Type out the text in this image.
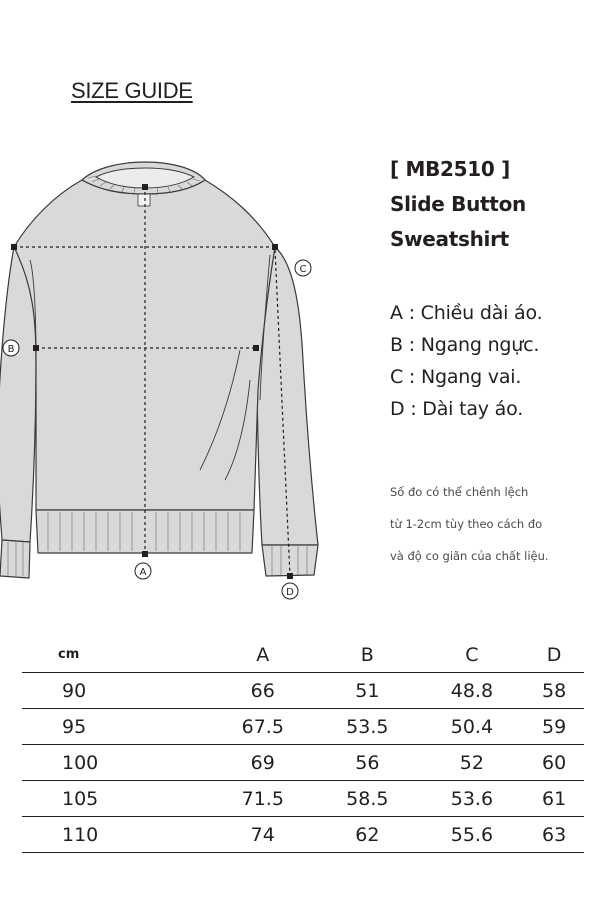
SIZE GUIDE
A
B
C
D
[ MB2510 ]
Slide Button
Sweatshirt
A : Chiều dài áo.
B : Ngang ngực.
C : Ngang vai.
D : Dài tay áo.
Số đo có thể chênh lệch
từ 1-2cm tùy theo cách đo
và độ co giãn của chất liệu.
cm	A	B	C	D
90	66	51	48.8	58
95	67.5	53.5	50.4	59
100	69	56	52	60
105	71.5	58.5	53.6	61
110	74	62	55.6	63
